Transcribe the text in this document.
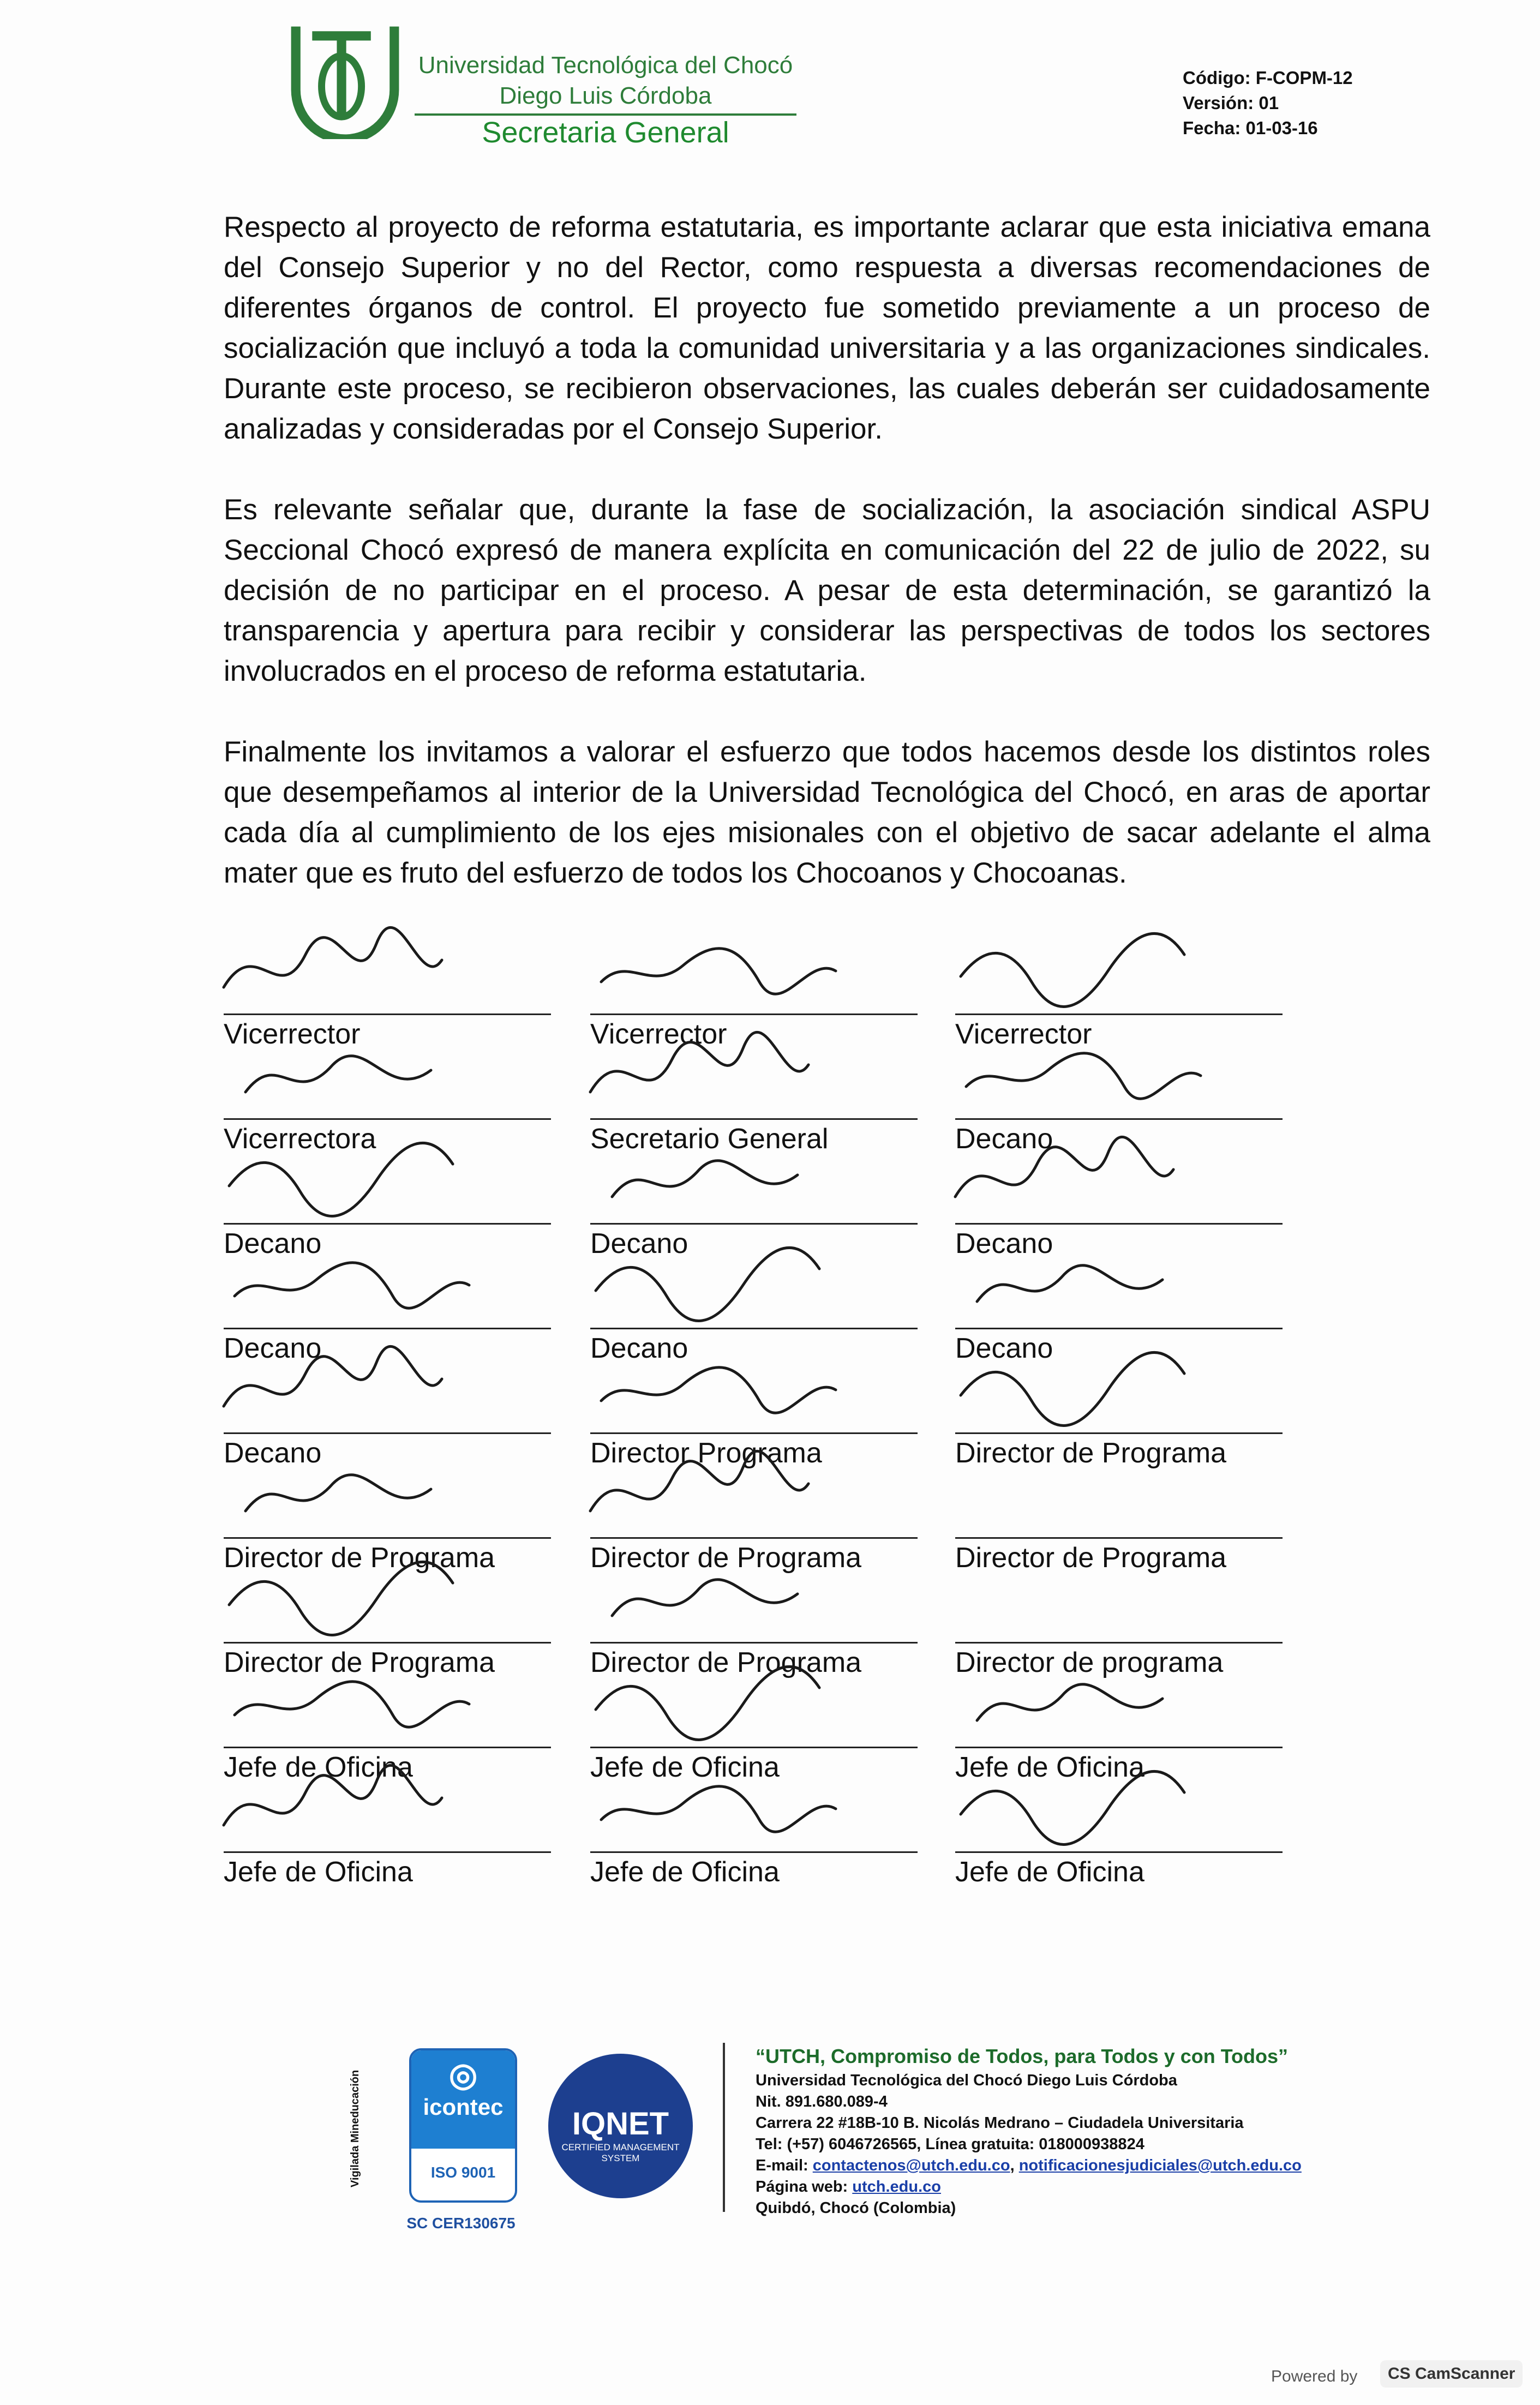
Universidad Tecnológica del Chocó
Diego Luis Córdoba
Secretaria General
Código: F-COPM-12
Versión: 01
Fecha: 01-03-16

Respecto al proyecto de reforma estatutaria, es importante aclarar que esta iniciativa emana del Consejo Superior y no del Rector, como respuesta a diversas recomendaciones de diferentes órganos de control. El proyecto fue sometido previamente a un proceso de socialización que incluyó a toda la comunidad universitaria y a las organizaciones sindicales. Durante este proceso, se recibieron observaciones, las cuales deberán ser cuidadosamente analizadas y consideradas por el Consejo Superior.

Es relevante señalar que, durante la fase de socialización, la asociación sindical ASPU Seccional Chocó expresó de manera explícita en comunicación del 22 de julio de 2022, su decisión de no participar en el proceso. A pesar de esta determinación, se garantizó la transparencia y apertura para recibir y considerar las perspectivas de todos los sectores involucrados en el proceso de reforma estatutaria.

Finalmente los invitamos a valorar el esfuerzo que todos hacemos desde los distintos roles que desempeñamos al interior de la Universidad Tecnológica del Chocó, en aras de aportar cada día al cumplimiento de los ejes misionales con el objetivo de sacar adelante el alma mater que es fruto del esfuerzo de todos los Chocoanos y Chocoanas.

Vicerrector	Vicerrector	Vicerrector
Vicerrectora	Secretario General	Decano
Decano	Decano	Decano
Decano	Decano	Decano
Decano	Director Programa	Director de Programa
Director de Programa	Director de Programa	Director de Programa
Director de Programa	Director de Programa	Director de programa
Jefe de Oficina	Jefe de Oficina	Jefe de Oficina
Jefe de Oficina	Jefe de Oficina	Jefe de Oficina
Vigilada Mineducación	◎
icontec
ISO 9001
SC CER130675
IQNET
CERTIFIED MANAGEMENT SYSTEM
“UTCH, Compromiso de Todos, para Todos y con Todos”
Universidad Tecnológica del Chocó Diego Luis Córdoba
Nit. 891.680.089-4
Carrera 22 #18B-10 B. Nicolás Medrano – Ciudadela Universitaria
Tel: (+57) 6046726565, Línea gratuita: 018000938824
E-mail: contactenos@utch.edu.co, notificacionesjudiciales@utch.edu.co
Página web: utch.edu.co
Quibdó, Chocó (Colombia)
Powered by	CS CamScanner
